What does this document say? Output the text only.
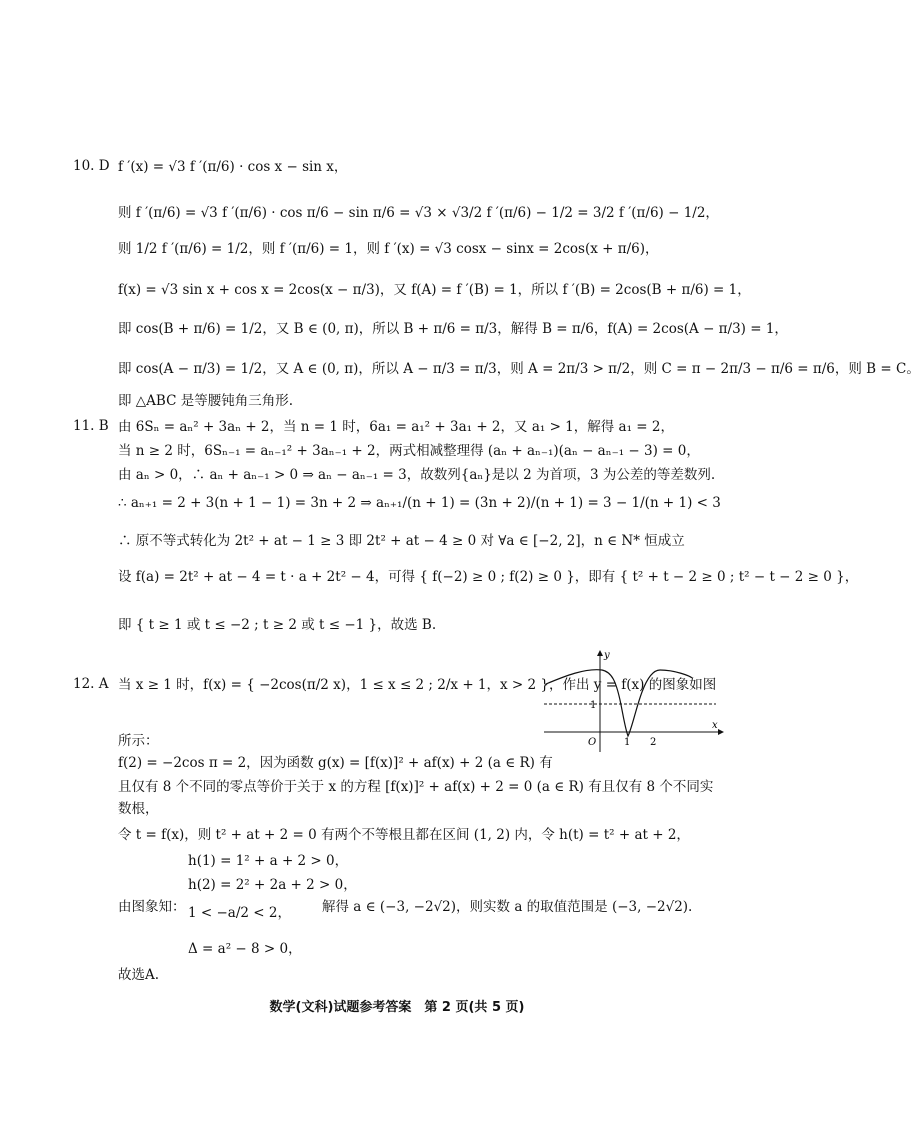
10. D f ′(x) = √3 f ′(π/6) · cos x − sin x，
则 f ′(π/6) = √3 f ′(π/6) · cos π/6 − sin π/6 = √3 × √3/2 f ′(π/6) − 1/2 = 3/2 f ′(π/6) − 1/2，
则 1/2 f ′(π/6) = 1/2，则 f ′(π/6) = 1，则 f ′(x) = √3 cosx − sinx = 2cos(x + π/6)，
f(x) = √3 sin x + cos x = 2cos(x − π/3)，又 f(A) = f ′(B) = 1，所以 f ′(B) = 2cos(B + π/6) = 1，
即 cos(B + π/6) = 1/2，又 B ∈ (0, π)，所以 B + π/6 = π/3，解得 B = π/6，f(A) = 2cos(A − π/3) = 1，
即 cos(A − π/3) = 1/2，又 A ∈ (0, π)，所以 A − π/3 = π/3，则 A = 2π/3 > π/2，则 C = π − 2π/3 − π/6 = π/6，则 B = C。
即 △ABC 是等腰钝角三角形.
11. B 由 6Sₙ = aₙ² + 3aₙ + 2，当 n = 1 时，6a₁ = a₁² + 3a₁ + 2，又 a₁ > 1，解得 a₁ = 2，
当 n ≥ 2 时，6Sₙ₋₁ = aₙ₋₁² + 3aₙ₋₁ + 2，两式相减整理得 (aₙ + aₙ₋₁)(aₙ − aₙ₋₁ − 3) = 0，
由 aₙ > 0，∴ aₙ + aₙ₋₁ > 0 ⇒ aₙ − aₙ₋₁ = 3，故数列{aₙ}是以 2 为首项，3 为公差的等差数列.
∴ aₙ₊₁ = 2 + 3(n + 1 − 1) = 3n + 2 ⇒ aₙ₊₁/(n + 1) = (3n + 2)/(n + 1) = 3 − 1/(n + 1) < 3
∴ 原不等式转化为 2t² + at − 1 ≥ 3 即 2t² + at − 4 ≥ 0 对 ∀a ∈ [−2, 2]，n ∈ N* 恒成立
设 f(a) = 2t² + at − 4 = t · a + 2t² − 4，可得 { f(−2) ≥ 0 ; f(2) ≥ 0 }，即有 { t² + t − 2 ≥ 0 ; t² − t − 2 ≥ 0 }，
即 { t ≥ 1 或 t ≤ −2 ; t ≥ 2 或 t ≤ −1 }，故选 B.
12. A 当 x ≥ 1 时，f(x) = { −2cos(π/2 x)，1 ≤ x ≤ 2 ; 2/x + 1，x > 2 }，作出 y = f(x) 的图象如图
所示：
f(2) = −2cos π = 2，因为函数 g(x) = [f(x)]² + af(x) + 2 (a ∈ R) 有
且仅有 8 个不同的零点等价于关于 x 的方程 [f(x)]² + af(x) + 2 = 0 (a ∈ R) 有且仅有 8 个不同实
数根，
令 t = f(x)，则 t² + at + 2 = 0 有两个不等根且都在区间 (1, 2) 内，令 h(t) = t² + at + 2，
h(1) = 1² + a + 2 > 0，
h(2) = 2² + 2a + 2 > 0，
由图象知： 1 < −a/2 < 2， 解得 a ∈ (−3, −2√2)，则实数 a 的取值范围是 (−3, −2√2).
Δ = a² − 8 > 0，
故选A.
y
x
O	1 2
1
数学(文科)试题参考答案　第 2 页(共 5 页)
